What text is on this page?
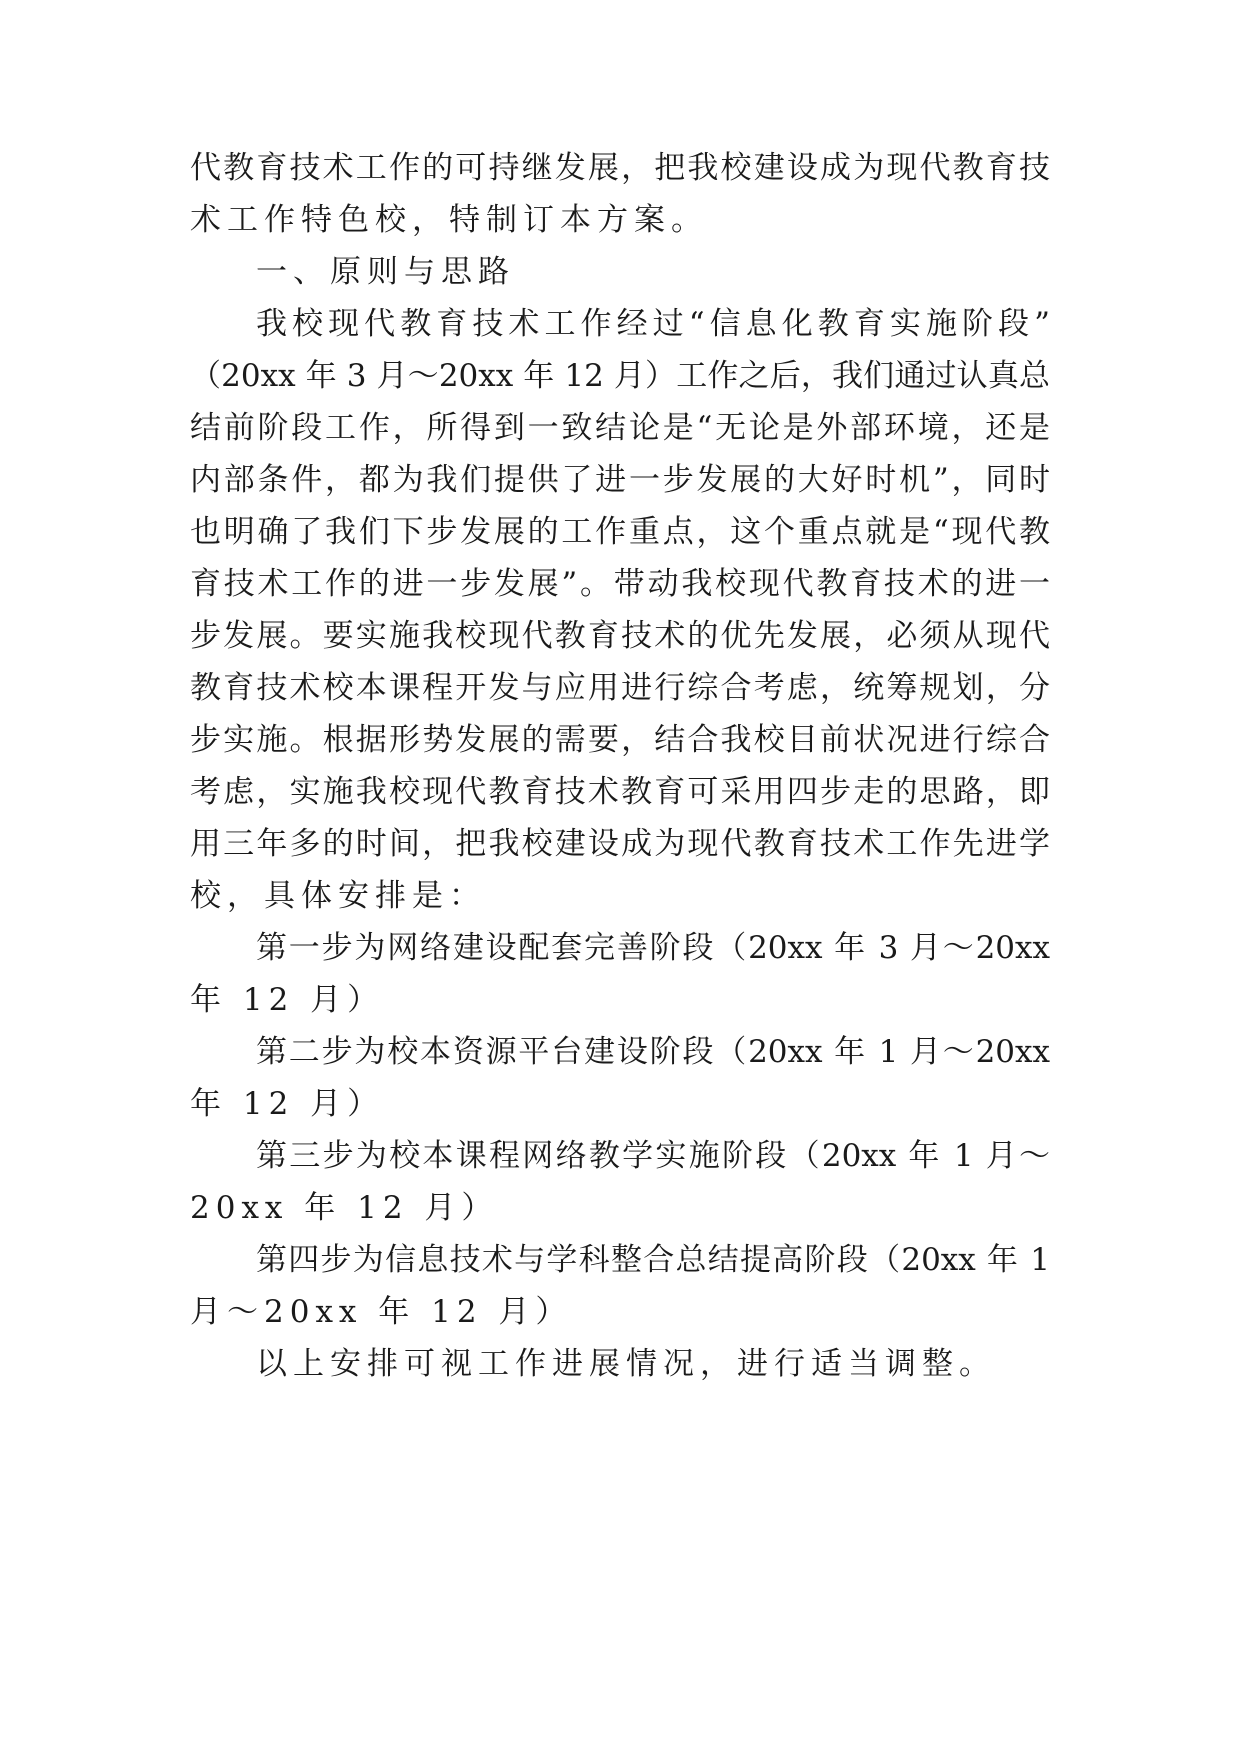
代教育技术工作的可持继发展，把我校建设成为现代教育技
术工作特色校，特制订本方案。
一、原则与思路
我校现代教育技术工作经过“信息化教育实施阶段”
（20xx 年 3 月～20xx 年 12 月）工作之后，我们通过认真总
结前阶段工作，所得到一致结论是“无论是外部环境，还是
内部条件，都为我们提供了进一步发展的大好时机”，同时
也明确了我们下步发展的工作重点，这个重点就是“现代教
育技术工作的进一步发展”。带动我校现代教育技术的进一
步发展。要实施我校现代教育技术的优先发展，必须从现代
教育技术校本课程开发与应用进行综合考虑，统筹规划，分
步实施。根据形势发展的需要，结合我校目前状况进行综合
考虑，实施我校现代教育技术教育可采用四步走的思路，即
用三年多的时间，把我校建设成为现代教育技术工作先进学
校，具体安排是：
第一步为网络建设配套完善阶段（20xx 年 3 月～20xx
年 12 月）
第二步为校本资源平台建设阶段（20xx 年 1 月～20xx
年 12 月）
第三步为校本课程网络教学实施阶段（20xx 年 1 月～
20xx 年 12 月）
第四步为信息技术与学科整合总结提高阶段（20xx 年 1
月～20xx 年 12 月）
以上安排可视工作进展情况，进行适当调整。
